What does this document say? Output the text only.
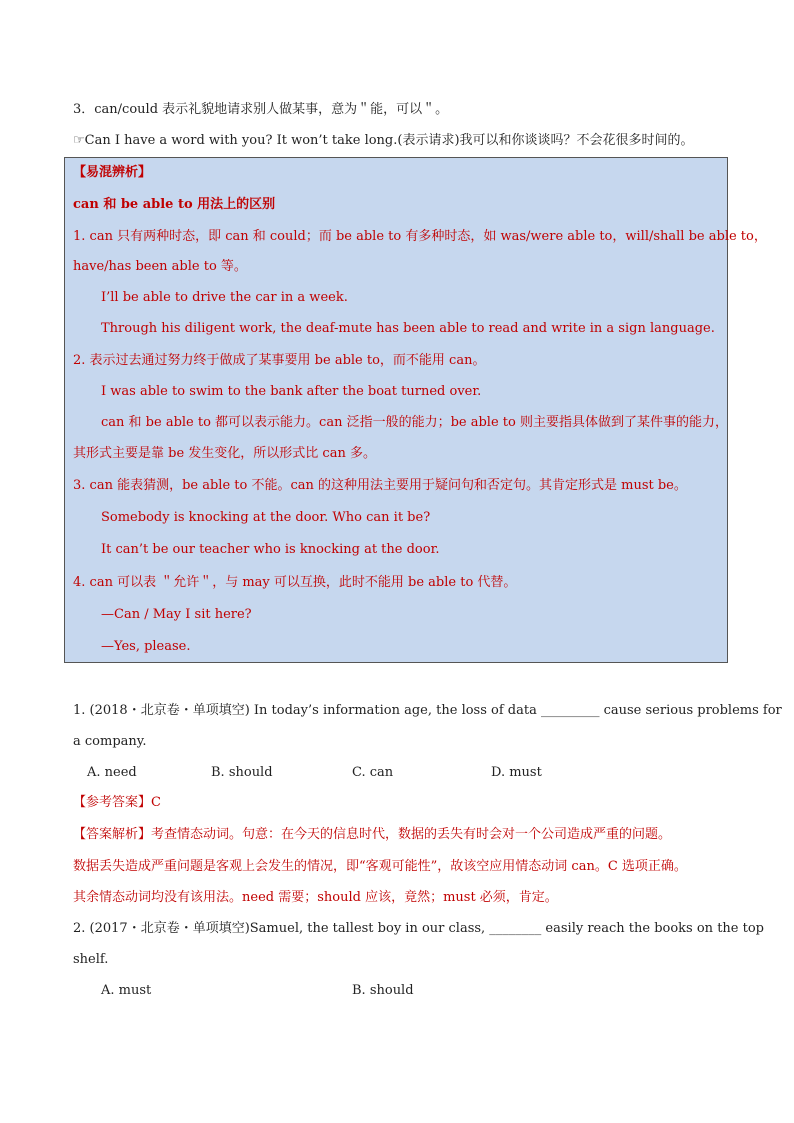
3．can/could 表示礼貌地请求别人做某事，意为＂能，可以＂。
☞Can I have a word with you? It won’t take long.(表示请求)我可以和你谈谈吗？不会花很多时间的。
【易混辨析】
can 和 be able to 用法上的区别
1. can 只有两种时态，即 can 和 could；而 be able to 有多种时态，如 was/were able to，will/shall be able to，
have/has been able to 等。
I’ll be able to drive the car in a week.
Through his diligent work, the deaf-mute has been able to read and write in a sign language.
2. 表示过去通过努力终于做成了某事要用 be able to，而不能用 can。
I was able to swim to the bank after the boat turned over.
can 和 be able to 都可以表示能力。can 泛指一般的能力；be able to 则主要指具体做到了某件事的能力，
其形式主要是靠 be 发生变化，所以形式比 can 多。
3. can 能表猜测，be able to 不能。can 的这种用法主要用于疑问句和否定句。其肯定形式是 must be。
Somebody is knocking at the door. Who can it be?
It can’t be our teacher who is knocking at the door.
4. can 可以表 ＂允许＂，与 may 可以互换，此时不能用 be able to 代替。
—Can / May I sit here?
—Yes, please.
1. (2018・北京卷・单项填空) In today’s information age, the loss of data _________ cause serious problems for
a company.
A. need	B. should	C. can	D. must
【参考答案】C
【答案解析】考查情态动词。句意：在今天的信息时代，数据的丢失有时会对一个公司造成严重的问题。
数据丢失造成严重问题是客观上会发生的情况，即“客观可能性”，故该空应用情态动词 can。C 选项正确。
其余情态动词均没有该用法。need 需要；should 应该，竟然；must 必须，肯定。
2. (2017・北京卷・单项填空)Samuel, the tallest boy in our class, ________ easily reach the books on the top
shelf.
A. must	B. should
